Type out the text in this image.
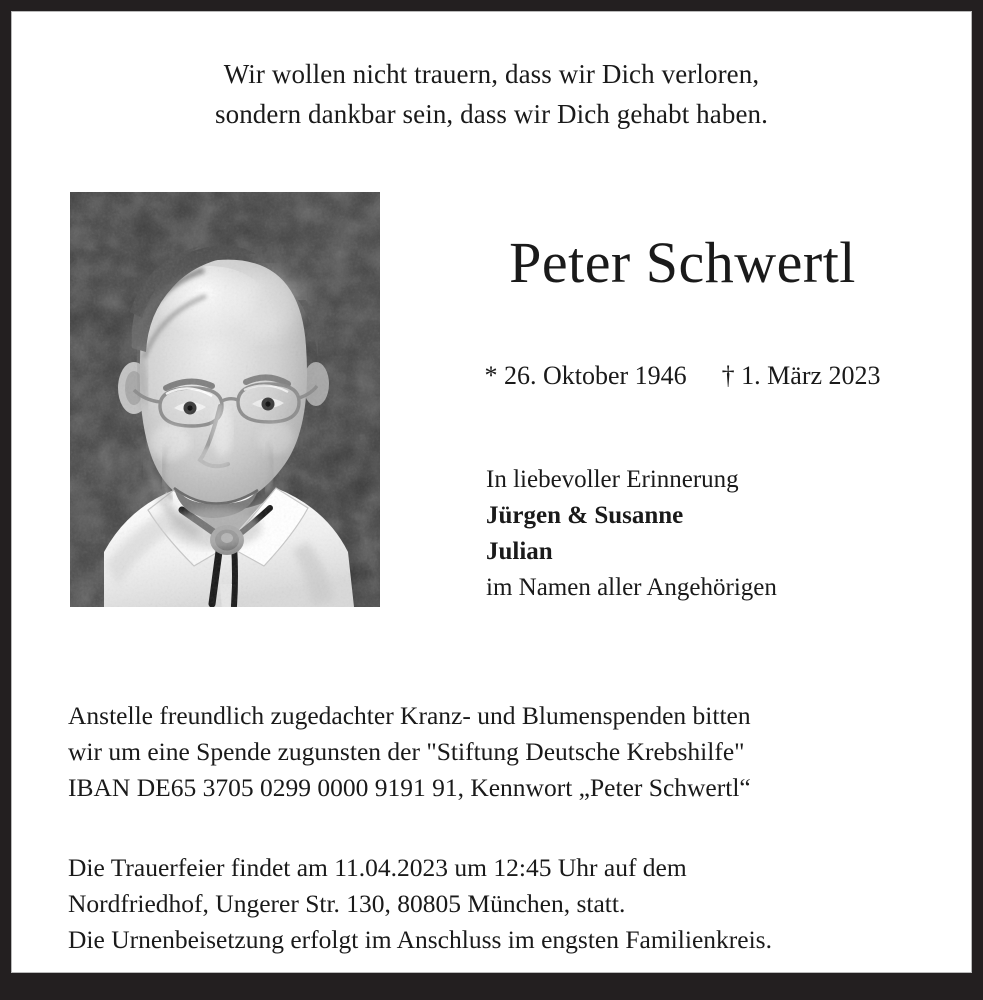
Wir wollen nicht trauern, dass wir Dich verloren,
sondern dankbar sein, dass wir Dich gehabt haben.
Peter Schwertl
* 26. Oktober 1946 † 1. März 2023
In liebevoller Erinnerung
Jürgen & Susanne
Julian
im Namen aller Angehörigen
Anstelle freundlich zugedachter Kranz- und Blumenspenden bitten
wir um eine Spende zugunsten der "Stiftung Deutsche Krebshilfe"
IBAN DE65 3705 0299 0000 9191 91, Kennwort „Peter Schwertl“
Die Trauerfeier findet am 11.04.2023 um 12:45 Uhr auf dem
Nordfriedhof, Ungerer Str. 130, 80805 München, statt.
Die Urnenbeisetzung erfolgt im Anschluss im engsten Familienkreis.
